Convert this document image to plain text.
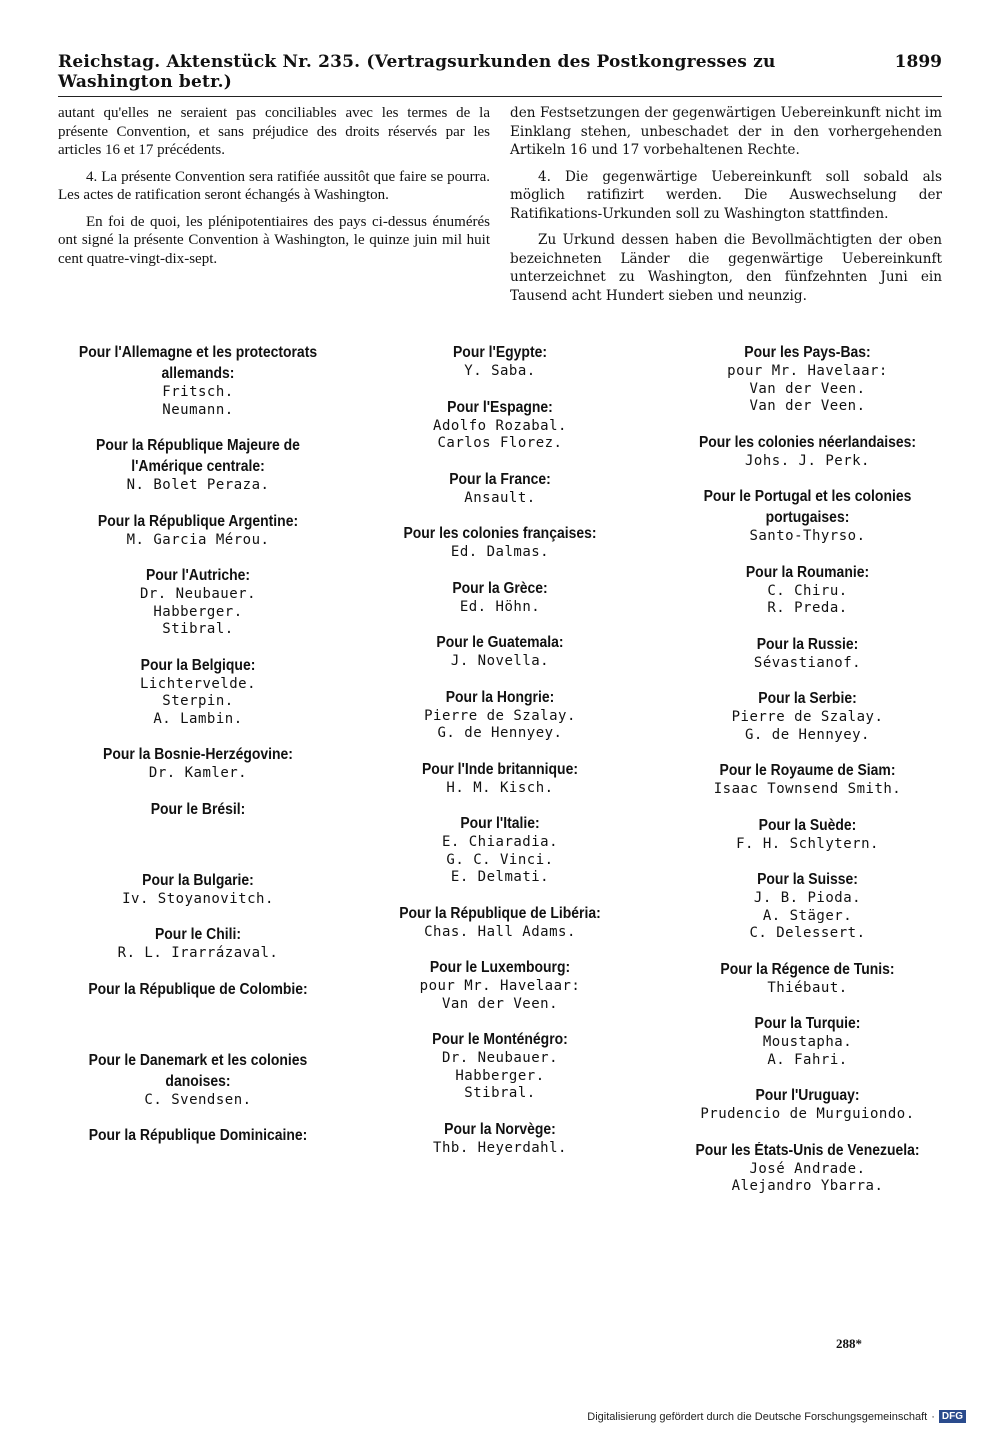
Reichstag. Aktenstück Nr. 235. (Vertragsurkunden des Postkongresses zu Washington betr.)
1899

autant qu'elles ne seraient pas conciliables avec les termes de la présente Convention, et sans préjudice des droits réservés par les articles 16 et 17 précédents.

4. La présente Convention sera ratifiée aussitôt que faire se pourra. Les actes de ratification seront échangés à Washington.

En foi de quoi, les plénipotentiaires des pays ci-dessus énumérés ont signé la présente Convention à Washington, le quinze juin mil huit cent quatre-vingt-dix-sept.

den Festsetzungen der gegenwärtigen Uebereinkunft nicht im Einklang stehen, unbeschadet der in den vorhergehenden Artikeln 16 und 17 vorbehaltenen Rechte.

4. Die gegenwärtige Uebereinkunft soll sobald als möglich ratifizirt werden. Die Auswechselung der Ratifikations-Urkunden soll zu Washington stattfinden.

Zu Urkund dessen haben die Bevollmächtigten der oben bezeichneten Länder die gegenwärtige Uebereinkunft unterzeichnet zu Washington, den fünfzehnten Juni ein Tausend acht Hundert sieben und neunzig.

Pour l'Allemagne et les protectorats allemands:
Fritsch.
Neumann.
Pour la République Majeure de l'Amérique centrale:
N. Bolet Peraza.
Pour la République Argentine:
M. Garcia Mérou.
Pour l'Autriche:
Dr. Neubauer.
Habberger.
Stibral.
Pour la Belgique:
Lichtervelde.
Sterpin.
A. Lambin.
Pour la Bosnie-Herzégovine:
Dr. Kamler.
Pour le Brésil:
Pour la Bulgarie:
Iv. Stoyanovitch.
Pour le Chili:
R. L. Irarrázaval.
Pour la République de Colombie:
Pour le Danemark et les colonies danoises:
C. Svendsen.
Pour la République Dominicaine:
Pour l'Egypte:
Y. Saba.
Pour l'Espagne:
Adolfo Rozabal.
Carlos Florez.
Pour la France:
Ansault.
Pour les colonies françaises:
Ed. Dalmas.
Pour la Grèce:
Ed. Höhn.
Pour le Guatemala:
J. Novella.
Pour la Hongrie:
Pierre de Szalay.
G. de Hennyey.
Pour l'Inde britannique:
H. M. Kisch.
Pour l'Italie:
E. Chiaradia.
G. C. Vinci.
E. Delmati.
Pour la République de Libéria:
Chas. Hall Adams.
Pour le Luxembourg:
pour Mr. Havelaar:
Van der Veen.
Pour le Monténégro:
Dr. Neubauer.
Habberger.
Stibral.
Pour la Norvège:
Thb. Heyerdahl.
Pour les Pays-Bas:
pour Mr. Havelaar:
Van der Veen.
Van der Veen.
Pour les colonies néerlandaises:
Johs. J. Perk.
Pour le Portugal et les colonies portugaises:
Santo-Thyrso.
Pour la Roumanie:
C. Chiru.
R. Preda.
Pour la Russie:
Sévastianof.
Pour la Serbie:
Pierre de Szalay.
G. de Hennyey.
Pour le Royaume de Siam:
Isaac Townsend Smith.
Pour la Suède:
F. H. Schlytern.
Pour la Suisse:
J. B. Pioda.
A. Stäger.
C. Delessert.
Pour la Régence de Tunis:
Thiébaut.
Pour la Turquie:
Moustapha.
A. Fahri.
Pour l'Uruguay:
Prudencio de Murguiondo.
Pour les États-Unis de Venezuela:
José Andrade.
Alejandro Ybarra.
288*
Digitalisierung gefördert durch die Deutsche Forschungsgemeinschaft · DFG
